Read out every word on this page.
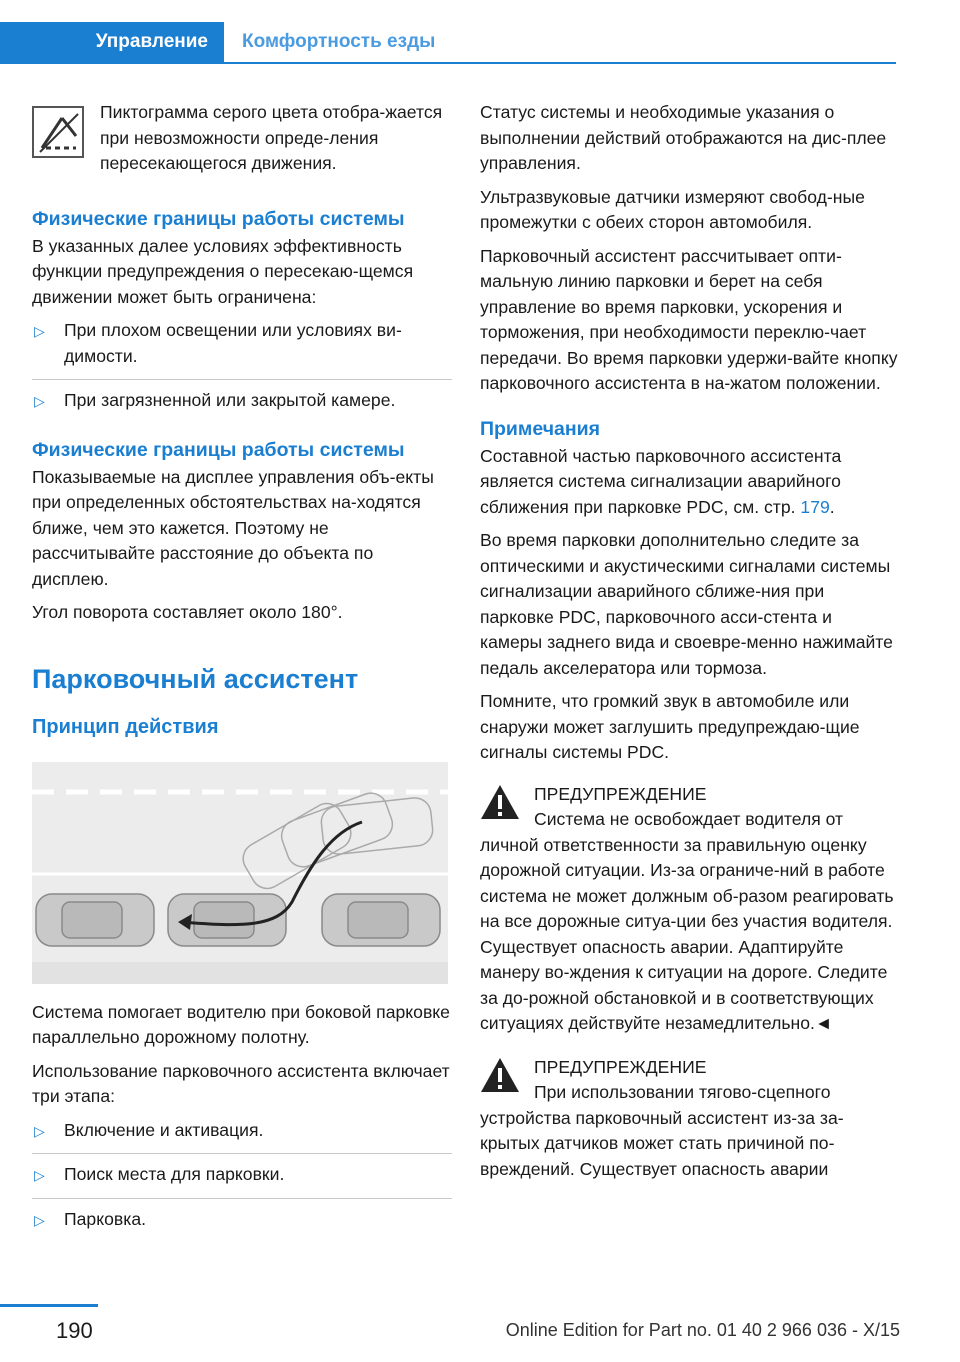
Управление	Комфортность езды

Пиктограмма серого цвета отобра-жается при невозможности опреде-ления пересекающегося движения.

Физические границы работы системы

В указанных далее условиях эффективность функции предупреждения о пересекаю-щемся движении может быть ограничена:

▷ При плохом освещении или условиях ви-димости.
▷ При загрязненной или закрытой камере.
Физические границы работы системы

Показываемые на дисплее управления объ-екты при определенных обстоятельствах на-ходятся ближе, чем это кажется. Поэтому не рассчитывайте расстояние до объекта по дисплею.

Угол поворота составляет около 180°.

Парковочный ассистент
Принцип действия

Система помогает водителю при боковой парковке параллельно дорожному полотну.

Использование парковочного ассистента включает три этапа:

▷ Включение и активация.
▷ Поиск места для парковки.
▷ Парковка.

Статус системы и необходимые указания о выполнении действий отображаются на дис-плее управления.

Ультразвуковые датчики измеряют свобод-ные промежутки с обеих сторон автомобиля.

Парковочный ассистент рассчитывает опти-мальную линию парковки и берет на себя управление во время парковки, ускорения и торможения, при необходимости переклю-чает передачи. Во время парковки удержи-вайте кнопку парковочного ассистента в на-жатом положении.

Примечания

Составной частью парковочного ассистента является система сигнализации аварийного сближения при парковке PDC, см. стр. 179.

Во время парковки дополнительно следите за оптическими и акустическими сигналами системы сигнализации аварийного сближе-ния при парковке PDC, парковочного асси-стента и камеры заднего вида и своевре-менно нажимайте педаль акселератора или тормоза.

Помните, что громкий звук в автомобиле или снаружи может заглушить предупреждаю-щие сигналы системы PDC.

ПРЕДУПРЕЖДЕНИЕ

Система не освобождает водителя от личной ответственности за правильную оценку дорожной ситуации. Из-за ограниче-ний в работе система не может должным об-разом реагировать на все дорожные ситуа-ции без участия водителя. Существует опасность аварии. Адаптируйте манеру во-ждения к ситуации на дороге. Следите за до-рожной обстановкой и в соответствующих ситуациях действуйте незамедлительно.◄

ПРЕДУПРЕЖДЕНИЕ

При использовании тягово-сцепного устройства парковочный ассистент из-за за-крытых датчиков может стать причиной по-вреждений. Существует опасность аварии

190	Online Edition for Part no. 01 40 2 966 036 - X/15
